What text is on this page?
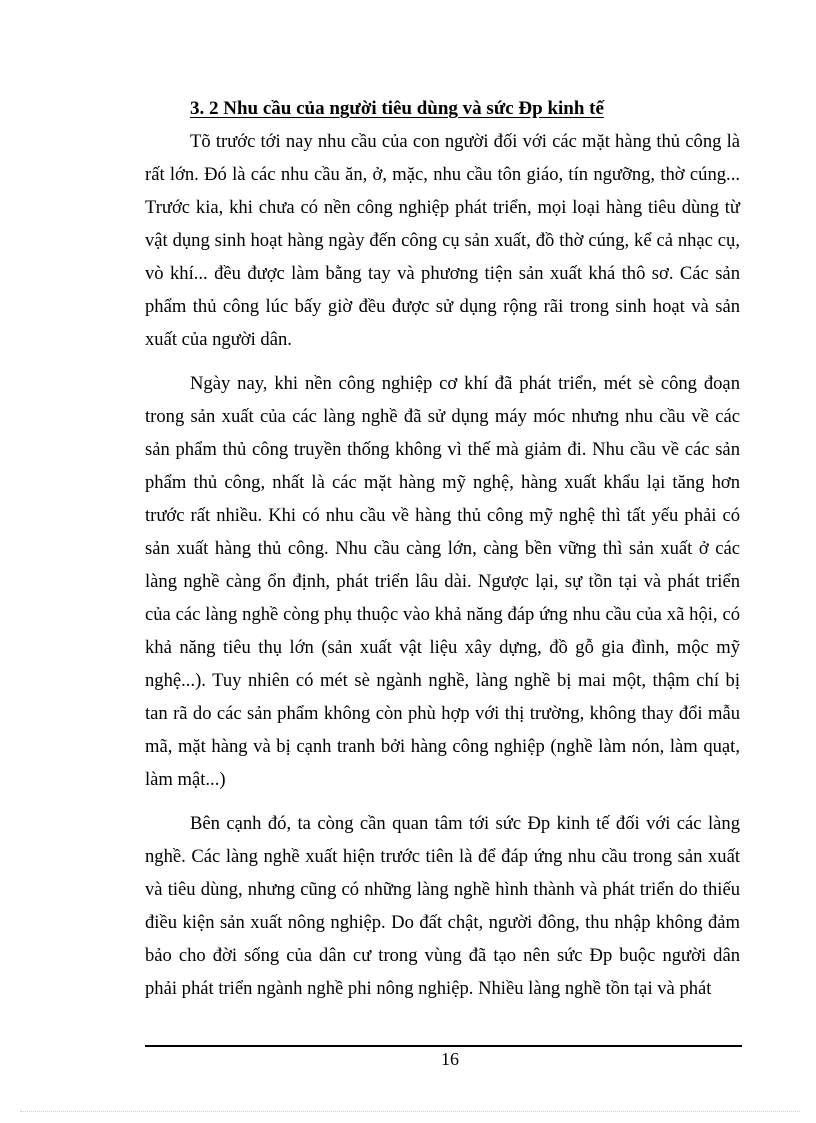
3. 2 Nhu cầu của người tiêu dùng và sức Ðp kinh tế
Tõ trước tới nay nhu cầu của con người đối với các mặt hàng thủ công là
rất lớn. Đó là các nhu cầu ăn, ở, mặc, nhu cầu tôn giáo, tín ngưỡng, thờ cúng...
Trước kia, khi chưa có nền công nghiệp phát triển, mọi loại hàng tiêu dùng từ
vật dụng sinh hoạt hàng ngày đến công cụ sản xuất, đồ thờ cúng, kể cả nhạc cụ,
vò khí... đều được làm bằng tay và phương tiện sản xuất khá thô sơ. Các sản
phẩm thủ công lúc bấy giờ đều được sử dụng rộng rãi trong sinh hoạt và sản
xuất của người dân.
Ngày nay, khi nền công nghiệp cơ khí đã phát triển, mét sè công đoạn
trong sản xuất của các làng nghề đã sử dụng máy móc nhưng nhu cầu về các
sản phẩm thủ công truyền thống không vì thế mà giảm đi. Nhu cầu về các sản
phẩm thủ công, nhất là các mặt hàng mỹ nghệ, hàng xuất khẩu lại tăng hơn
trước rất nhiều. Khi có nhu cầu về hàng thủ công mỹ nghệ thì tất yếu phải có
sản xuất hàng thủ công. Nhu cầu càng lớn, càng bền vững thì sản xuất ở các
làng nghề càng ổn định, phát triển lâu dài. Ngược lại, sự tồn tại và phát triển
của các làng nghề còng phụ thuộc vào khả năng đáp ứng nhu cầu của xã hội, có
khả năng tiêu thụ lớn (sản xuất vật liệu xây dựng, đồ gỗ gia đình, mộc mỹ
nghệ...). Tuy nhiên có mét sè ngành nghề, làng nghề bị mai một, thậm chí bị
tan rã do các sản phẩm không còn phù hợp với thị trường, không thay đổi mẫu
mã, mặt hàng và bị cạnh tranh bởi hàng công nghiệp (nghề làm nón, làm quạt,
làm mật...)
Bên cạnh đó, ta còng cần quan tâm tới sức Ðp kinh tế đối với các làng
nghề. Các làng nghề xuất hiện trước tiên là để đáp ứng nhu cầu trong sản xuất
và tiêu dùng, nhưng cũng có những làng nghề hình thành và phát triển do thiếu
điều kiện sản xuất nông nghiệp. Do đất chật, người đông, thu nhập không đảm
bảo cho đời sống của dân cư trong vùng đã tạo nên sức Ðp buộc người dân
phải phát triển ngành nghề phi nông nghiệp. Nhiều làng nghề tồn tại và phát
16
